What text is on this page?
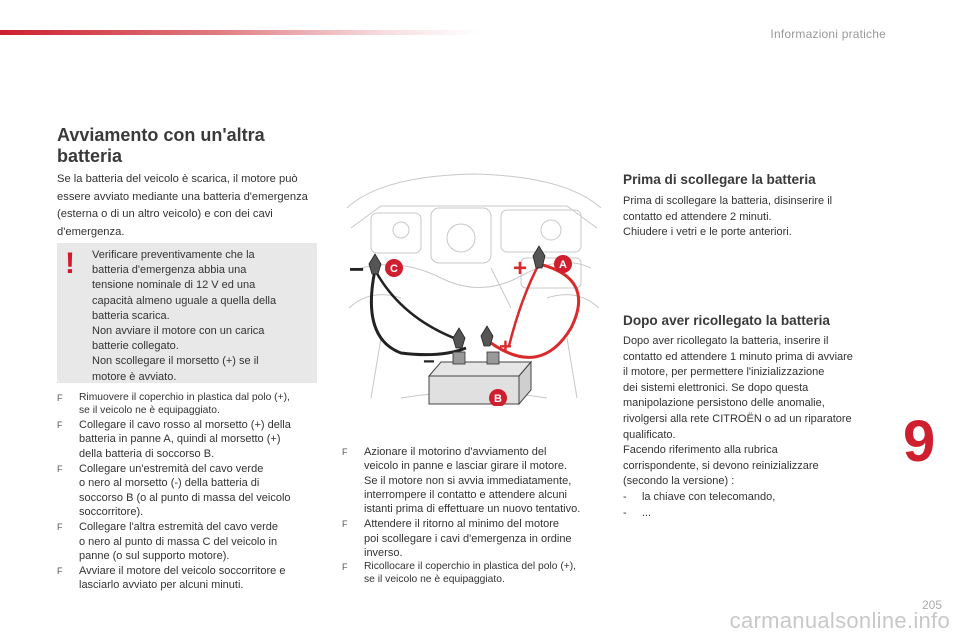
Informazioni pratiche
Avviamento con un'altra
batteria
Se la batteria del veicolo è scarica, il motore può essere avviato mediante una batteria d'emergenza (esterna o di un altro veicolo) e con dei cavi d'emergenza.
! Verificare preventivamente che la
batteria d'emergenza abbia una
tensione nominale di 12 V ed una
capacità almeno uguale a quella della
batteria scarica.
Non avviare il motore con un carica
batterie collegato.
Non scollegare il morsetto (+) se il
motore è avviato.
F Rimuovere il coperchio in plastica dal polo (+),
se il veicolo ne è equipaggiato.
F Collegare il cavo rosso al morsetto (+) della
batteria in panne A, quindi al morsetto (+)
della batteria di soccorso B.
F Collegare un'estremità del cavo verde
o nero al morsetto (-) della batteria di
soccorso B (o al punto di massa del veicolo
soccorritore).
F Collegare l'altra estremità del cavo verde
o nero al punto di massa C del veicolo in
panne (o sul supporto motore).
F Avviare il motore del veicolo soccorritore e
lasciarlo avviato per alcuni minuti.
−	+
+
−
A
C
B
F Azionare il motorino d'avviamento del
veicolo in panne e lasciar girare il motore.
Se il motore non si avvia immediatamente,
interrompere il contatto e attendere alcuni
istanti prima di effettuare un nuovo tentativo.
F Attendere il ritorno al minimo del motore
poi scollegare i cavi d'emergenza in ordine
inverso.
F Ricollocare il coperchio in plastica del polo (+),
se il veicolo ne è equipaggiato.
Prima di scollegare la batteria
Prima di scollegare la batteria, disinserire il
contatto ed attendere 2 minuti.
Chiudere i vetri e le porte anteriori.
Dopo aver ricollegato la batteria
Dopo aver ricollegato la batteria, inserire il
contatto ed attendere 1 minuto prima di avviare
il motore, per permettere l'inizializzazione
dei sistemi elettronici. Se dopo questa
manipolazione persistono delle anomalie,
rivolgersi alla rete CITROËN o ad un riparatore
qualificato.
Facendo riferimento alla rubrica
corrispondente, si devono reinizializzare
(secondo la versione) :
-     la chiave con telecomando,
-     ...
9
carmanualsonline.info
205
